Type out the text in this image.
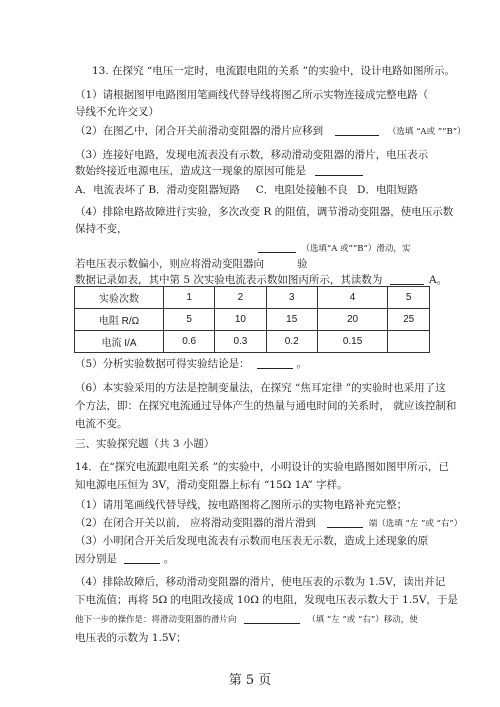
13. 在探究 “电压一定时，电流跟电阻的关系 ”的实验中，设计电路如图所示。
（1）请根据图甲电路图用笔画线代替导线将图乙所示实物连接成完整电路（
导线不允许交叉）
（2）在图乙中，闭合开关前滑动变阻器的滑片应移到	（选填 “A或 ”“B”）
（3）连接好电路，发现电流表没有示数，移动滑动变阻器的滑片，电压表示
数始终接近电源电压，造成这一现象的原因可能是
A．电流表坏了 B．滑动变阻器短路 C．电阻处接触不良 D．电阻短路
（4）排除电路故障进行实验，多次改变 R 的阻值，调节滑动变阻器，使电压示数
保持不变，
（选填“A 或”“B”）滑动，实
若电压表示数偏小，则应将滑动变阻器向	验
数据记录如表，其中第 5 次实验电流表示数如图丙所示，其读数为	A。
实验次数	1	2	3	4	5
电阻 R/Ω	5	10	15	20	25
电流 I/A	0.6	0.3	0.2	0.15	
（5）分析实验数据可得实验结论是：	。
（6）本实验采用的方法是控制变量法，在探究 “焦耳定律 ”的实验时也采用了这
个方法，即：在探究电流通过导体产生的热量与通电时间的关系时， 就应该控制和
电流不变。
三、实验探究题（共 3 小题）
14．在“探究电流跟电阻关系 ”的实验中，小明设计的实验电路图如图甲所示，已
知电源电压恒为 3V，滑动变阻器上标有 “15Ω 1A” 字样。
（1）请用笔画线代替导线，按电路图将乙图所示的实物电路补充完整；
（2）在闭合开关以前， 应将滑动变阻器的滑片滑到	端（选填 “左 ”或 “右”）
（3）小明闭合开关后发现电流表有示数而电压表无示数，造成上述现象的原
因分别是	。
（4）排除故障后，移动滑动变阻器的滑片，使电压表的示数为 1.5V，读出并记
下电流值；再将 5Ω 的电阻改接成 10Ω 的电阻，发现电压表示数大于 1.5V，于是
他下一步的操作是：将滑动变阻器的滑片向	（填 “左 ”或 “右”）移动，使
电压表的示数为 1.5V；
第 5 页
